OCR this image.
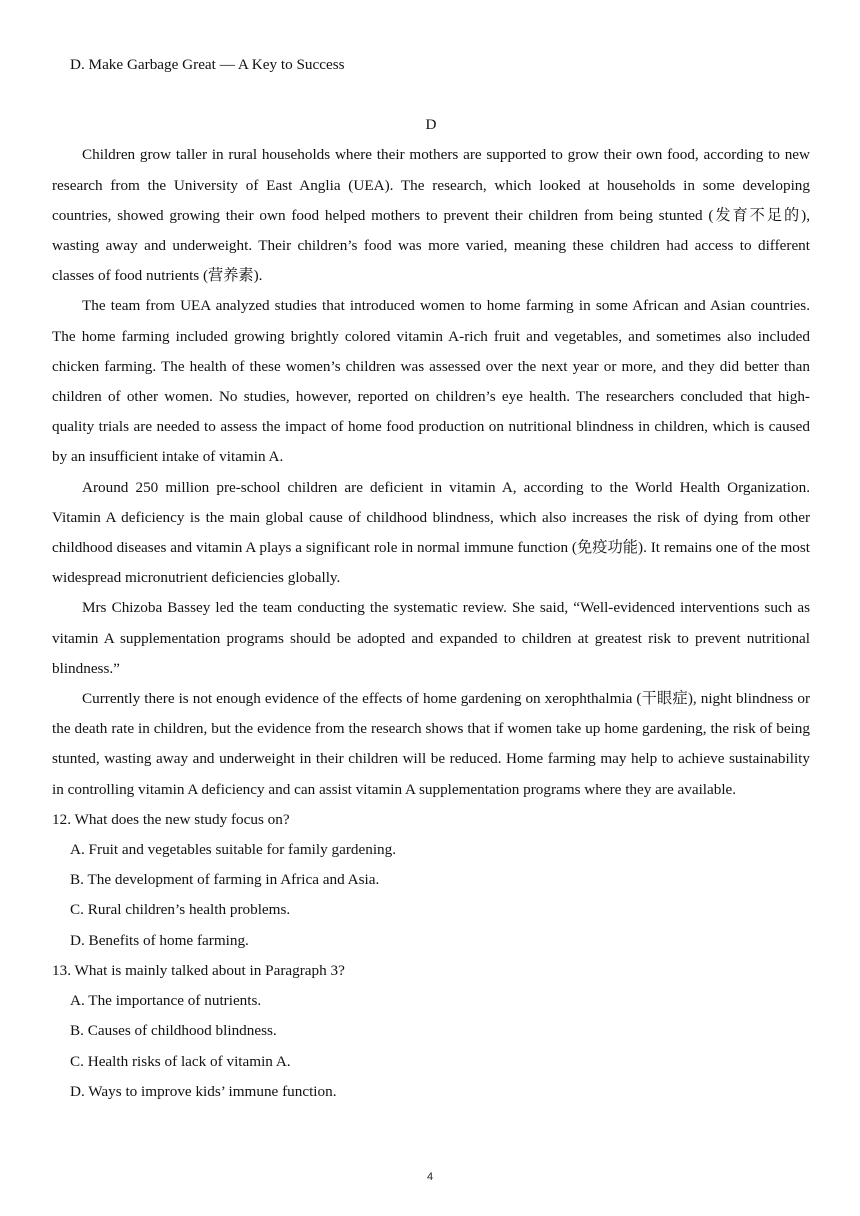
D. Make Garbage Great — A Key to Success

D

Children grow taller in rural households where their mothers are supported to grow their own food, according to new research from the University of East Anglia (UEA). The research, which looked at households in some developing countries, showed growing their own food helped mothers to prevent their children from being stunted (发育不足的), wasting away and underweight. Their children’s food was more varied, meaning these children had access to different classes of food nutrients (营养素).

The team from UEA analyzed studies that introduced women to home farming in some African and Asian countries. The home farming included growing brightly colored vitamin A-rich fruit and vegetables, and sometimes also included chicken farming. The health of these women’s children was assessed over the next year or more, and they did better than children of other women. No studies, however, reported on children’s eye health. The researchers concluded that high-quality trials are needed to assess the impact of home food production on nutritional blindness in children, which is caused by an insufficient intake of vitamin A.

Around 250 million pre-school children are deficient in vitamin A, according to the World Health Organization. Vitamin A deficiency is the main global cause of childhood blindness, which also increases the risk of dying from other childhood diseases and vitamin A plays a significant role in normal immune function (免疫功能). It remains one of the most widespread micronutrient deficiencies globally.

Mrs Chizoba Bassey led the team conducting the systematic review. She said, “Well-evidenced interventions such as vitamin A supplementation programs should be adopted and expanded to children at greatest risk to prevent nutritional blindness.”

Currently there is not enough evidence of the effects of home gardening on xerophthalmia (干眼症), night blindness or the death rate in children, but the evidence from the research shows that if women take up home gardening, the risk of being stunted, wasting away and underweight in their children will be reduced. Home farming may help to achieve sustainability in controlling vitamin A deficiency and can assist vitamin A supplementation programs where they are available.

12. What does the new study focus on?

A. Fruit and vegetables suitable for family gardening.

B. The development of farming in Africa and Asia.

C. Rural children’s health problems.

D. Benefits of home farming.

13. What is mainly talked about in Paragraph 3?

A. The importance of nutrients.

B. Causes of childhood blindness.

C. Health risks of lack of vitamin A.

D. Ways to improve kids’ immune function.

4
